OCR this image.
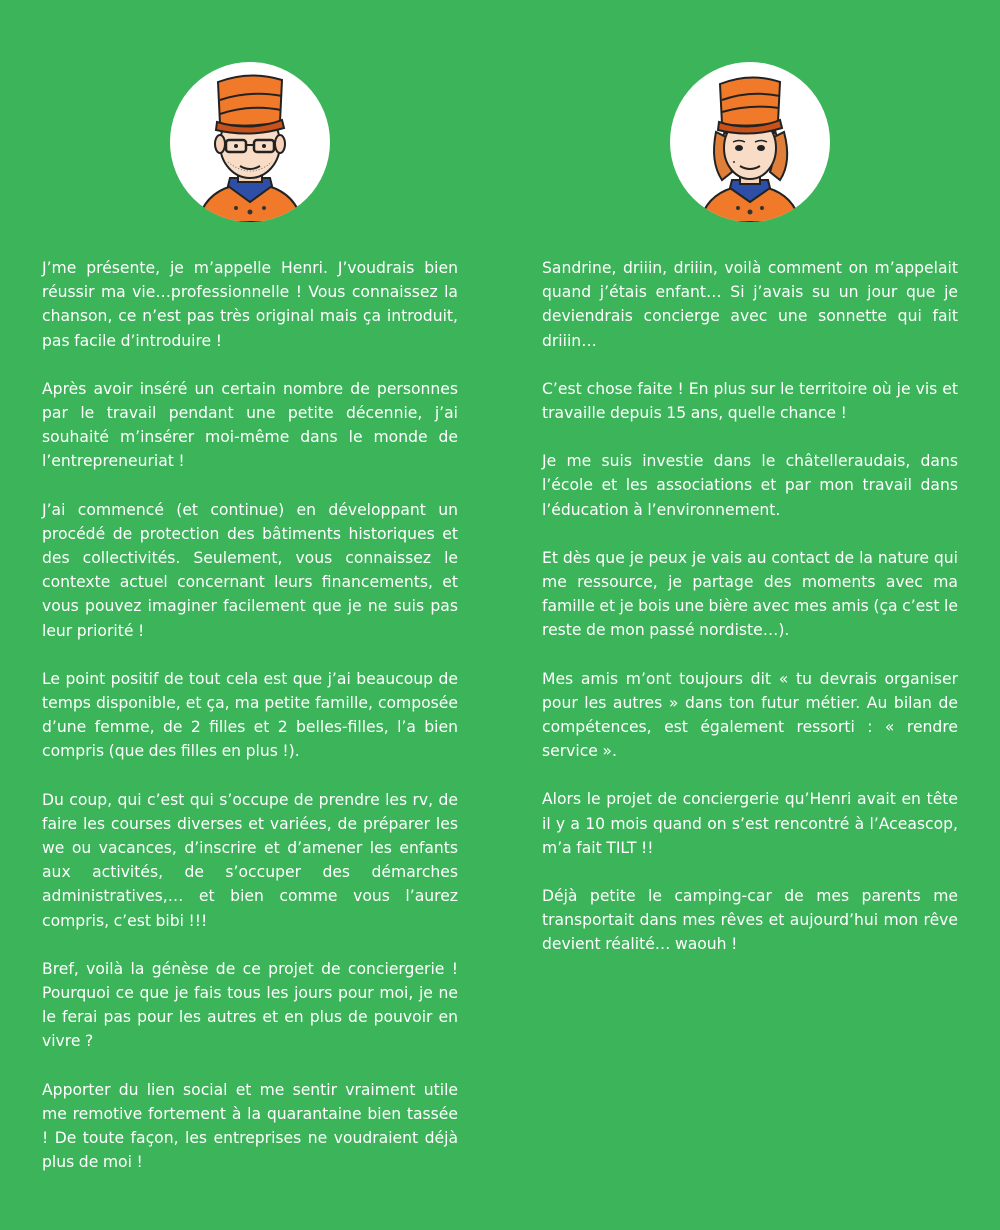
J’me présente, je m’appelle Henri. J’voudrais bien réussir ma vie…professionnelle ! Vous connaissez la chanson, ce n’est pas très original mais ça introduit, pas facile d’introduire !

Après avoir inséré un certain nombre de personnes par le travail pendant une petite décennie, j’ai souhaité m’insérer moi-même dans le monde de l’entrepreneuriat !

J’ai commencé (et continue) en développant un procédé de protection des bâtiments historiques et des collectivités. Seulement, vous connaissez le contexte actuel concernant leurs financements, et vous pouvez imaginer facilement que je ne suis pas leur priorité !

Le point positif de tout cela est que j’ai beaucoup de temps disponible, et ça, ma petite famille, composée d’une femme, de 2 filles et 2 belles-filles, l’a bien compris (que des filles en plus !).

Du coup, qui c’est qui s’occupe de prendre les rv, de faire les courses diverses et variées, de préparer les we ou vacances, d’inscrire et d’amener les enfants aux activités, de s’occuper des démarches administratives,… et bien comme vous l’aurez compris, c’est bibi !!!

Bref, voilà la génèse de ce projet de conciergerie ! Pourquoi ce que je fais tous les jours pour moi, je ne le ferai pas pour les autres et en plus de pouvoir en vivre ?

Apporter du lien social et me sentir vraiment utile me remotive fortement à la quarantaine bien tassée ! De toute façon, les entreprises ne voudraient déjà plus de moi !

Sandrine, driiin, driiin, voilà comment on m’appelait quand j’étais enfant… Si j’avais su un jour que je deviendrais concierge avec une sonnette qui fait driiin…

C’est chose faite ! En plus sur le territoire où je vis et travaille depuis 15 ans, quelle chance !

Je me suis investie dans le châtelleraudais, dans l’école et les associations et par mon travail dans l’éducation à l’environnement.

Et dès que je peux je vais au contact de la nature qui me ressource, je partage des moments avec ma famille et je bois une bière avec mes amis (ça c’est le reste de mon passé nordiste…).

Mes amis m’ont toujours dit « tu devrais organiser pour les autres » dans ton futur métier. Au bilan de compétences, est également ressorti : « rendre service ».

Alors le projet de conciergerie qu’Henri avait en tête il y a 10 mois quand on s’est rencontré à l’Aceascop, m’a fait TILT !!

Déjà petite le camping-car de mes parents me transportait dans mes rêves et aujourd’hui mon rêve devient réalité… waouh !
